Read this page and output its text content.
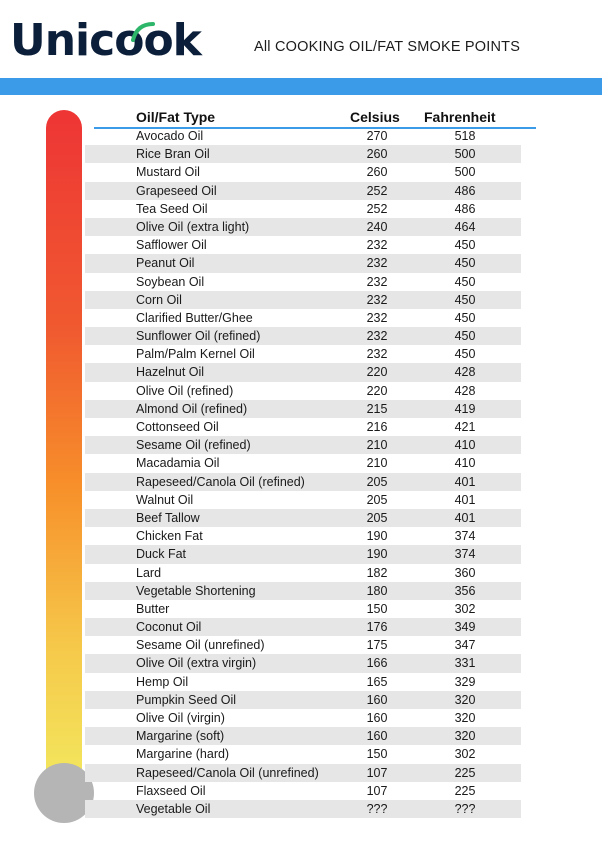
Unicook	All COOKING OIL/FAT SMOKE POINTS
Oil/Fat Type	Celsius Fahrenheit
Avocado Oil	270	518
Rice Bran Oil	260	500
Mustard Oil	260	500
Grapeseed Oil	252	486
Tea Seed Oil	252	486
Olive Oil (extra light)	240	464
Safflower Oil	232	450
Peanut Oil	232	450
Soybean Oil	232	450
Corn Oil	232	450
Clarified Butter/Ghee	232	450
Sunflower Oil (refined)	232	450
Palm/Palm Kernel Oil	232	450
Hazelnut Oil	220	428
Olive Oil (refined)	220	428
Almond Oil (refined)	215	419
Cottonseed Oil	216	421
Sesame Oil (refined)	210	410
Macadamia Oil	210	410
Rapeseed/Canola Oil (refined)	205	401
Walnut Oil	205	401
Beef Tallow	205	401
Chicken Fat	190	374
Duck Fat	190	374
Lard	182	360
Vegetable Shortening	180	356
Butter	150	302
Coconut Oil	176	349
Sesame Oil (unrefined)	175	347
Olive Oil (extra virgin)	166	331
Hemp Oil	165	329
Pumpkin Seed Oil	160	320
Olive Oil (virgin)	160	320
Margarine (soft)	160	320
Margarine (hard)	150	302
Rapeseed/Canola Oil (unrefined)	107	225
Flaxseed Oil	107	225
Vegetable Oil	???	???
